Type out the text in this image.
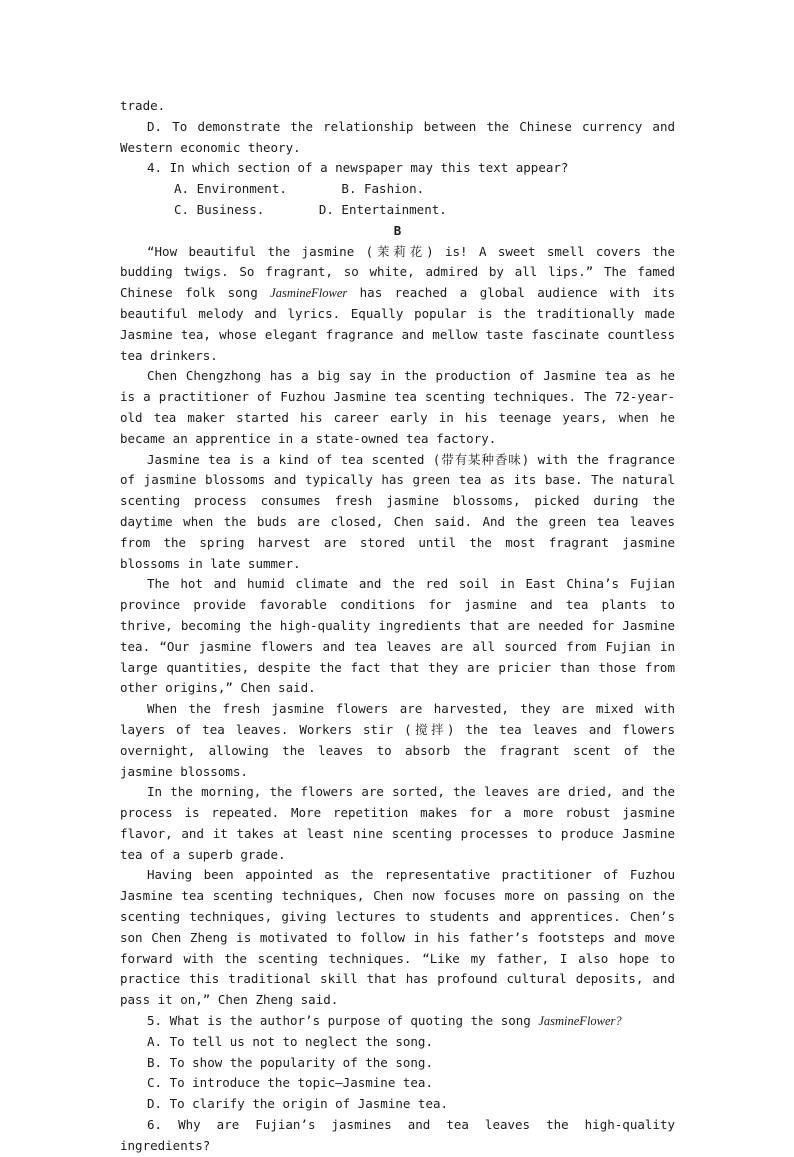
trade.

D. To demonstrate the relationship between the Chinese currency and Western economic theory.

4. In which section of a newspaper may this text appear?

A. Environment.	B. Fashion.

C. Business.	D. Entertainment.

B

“How beautiful the jasmine (茉莉花) is! A sweet smell covers the budding twigs. So fragrant, so white, admired by all lips.” The famed Chinese folk song JasmineFlower has reached a global audience with its beautiful melody and lyrics. Equally popular is the traditionally made Jasmine tea, whose elegant fragrance and mellow taste fascinate countless tea drinkers.

Chen Chengzhong has a big say in the production of Jasmine tea as he is a practitioner of Fuzhou Jasmine tea scenting techniques. The 72-year-old tea maker started his career early in his teenage years, when he became an apprentice in a state-owned tea factory.

Jasmine tea is a kind of tea scented (带有某种香味) with the fragrance of jasmine blossoms and typically has green tea as its base. The natural scenting process consumes fresh jasmine blossoms, picked during the daytime when the buds are closed, Chen said. And the green tea leaves from the spring harvest are stored until the most fragrant jasmine blossoms in late summer.

The hot and humid climate and the red soil in East China’s Fujian province provide favorable conditions for jasmine and tea plants to thrive, becoming the high-quality ingredients that are needed for Jasmine tea. “Our jasmine flowers and tea leaves are all sourced from Fujian in large quantities, despite the fact that they are pricier than those from other origins,” Chen said.

When the fresh jasmine flowers are harvested, they are mixed with layers of tea leaves. Workers stir (搅拌) the tea leaves and flowers overnight, allowing the leaves to absorb the fragrant scent of the jasmine blossoms.

In the morning, the flowers are sorted, the leaves are dried, and the process is repeated. More repetition makes for a more robust jasmine flavor, and it takes at least nine scenting processes to produce Jasmine tea of a superb grade.

Having been appointed as the representative practitioner of Fuzhou Jasmine tea scenting techniques, Chen now focuses more on passing on the scenting techniques, giving lectures to students and apprentices. Chen’s son Chen Zheng is motivated to follow in his father’s footsteps and move forward with the scenting techniques. “Like my father, I also hope to practice this traditional skill that has profound cultural deposits, and pass it on,” Chen Zheng said.

5. What is the author’s purpose of quoting the song JasmineFlower?

A. To tell us not to neglect the song.

B. To show the popularity of the song.

C. To introduce the topic—Jasmine tea.

D. To clarify the origin of Jasmine tea.

6. Why are Fujian’s jasmines and tea leaves the high-quality ingredients?
